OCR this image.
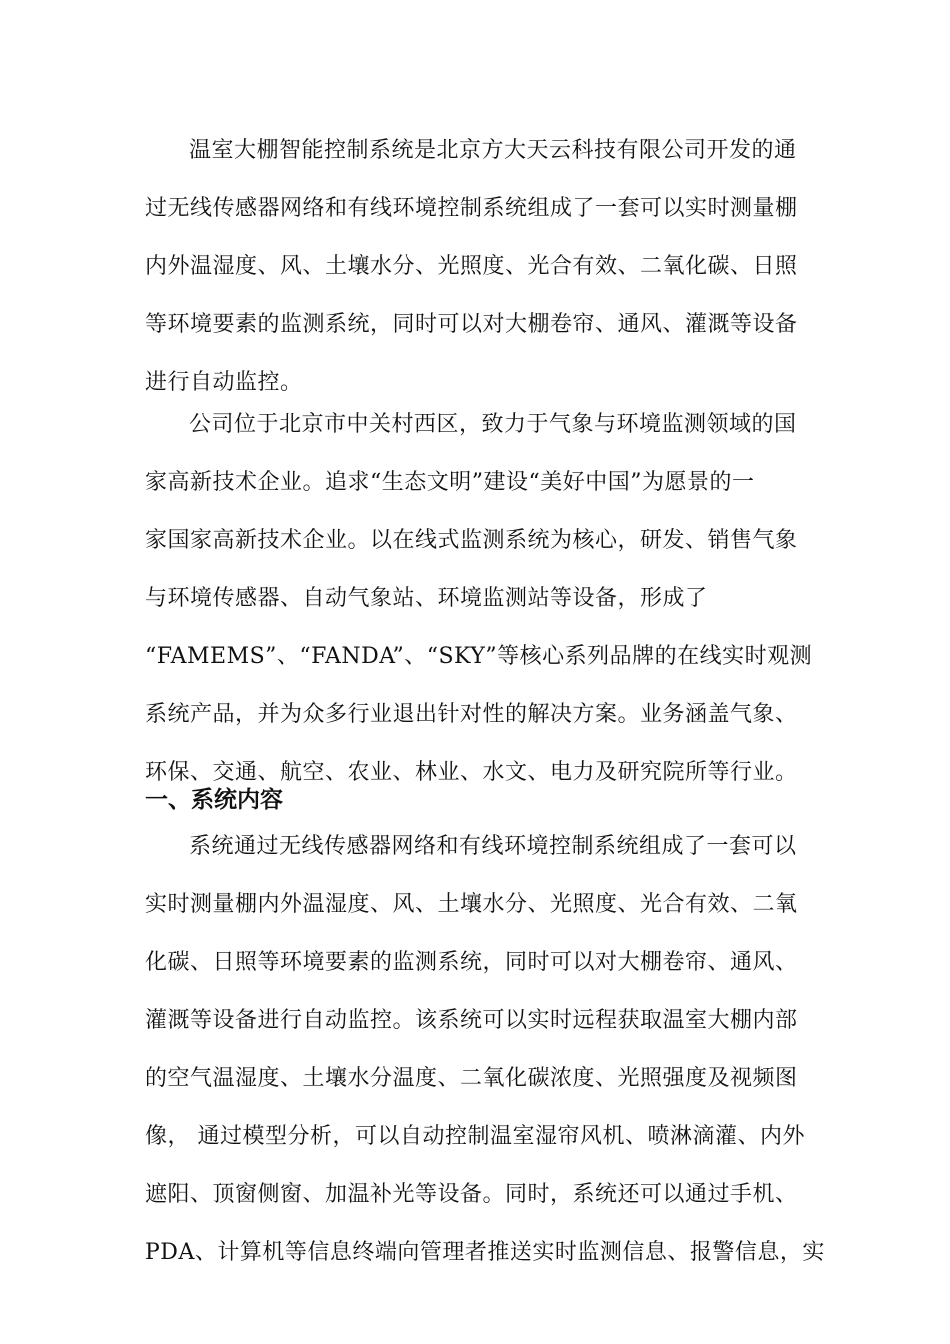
温室大棚智能控制系统是北京方大天云科技有限公司开发的通
过无线传感器网络和有线环境控制系统组成了一套可以实时测量棚
内外温湿度、风、土壤水分、光照度、光合有效、二氧化碳、日照
等环境要素的监测系统，同时可以对大棚卷帘、通风、灌溉等设备
进行自动监控。
公司位于北京市中关村西区，致力于气象与环境监测领域的国
家高新技术企业。追求“生态文明”建设“美好中国”为愿景的一
家国家高新技术企业。以在线式监测系统为核心，研发、销售气象
与环境传感器、自动气象站、环境监测站等设备，形成了
“FAMEMS”、“FANDA”、“SKY”等核心系列品牌的在线实时观测
系统产品，并为众多行业退出针对性的解决方案。业务涵盖气象、
环保、交通、航空、农业、林业、水文、电力及研究院所等行业。
一、系统内容
系统通过无线传感器网络和有线环境控制系统组成了一套可以
实时测量棚内外温湿度、风、土壤水分、光照度、光合有效、二氧
化碳、日照等环境要素的监测系统，同时可以对大棚卷帘、通风、
灌溉等设备进行自动监控。该系统可以实时远程获取温室大棚内部
的空气温湿度、土壤水分温度、二氧化碳浓度、光照强度及视频图
像， 通过模型分析，可以自动控制温室湿帘风机、喷淋滴灌、内外
遮阳、顶窗侧窗、加温补光等设备。同时，系统还可以通过手机、
PDA、计算机等信息终端向管理者推送实时监测信息、报警信息，实
